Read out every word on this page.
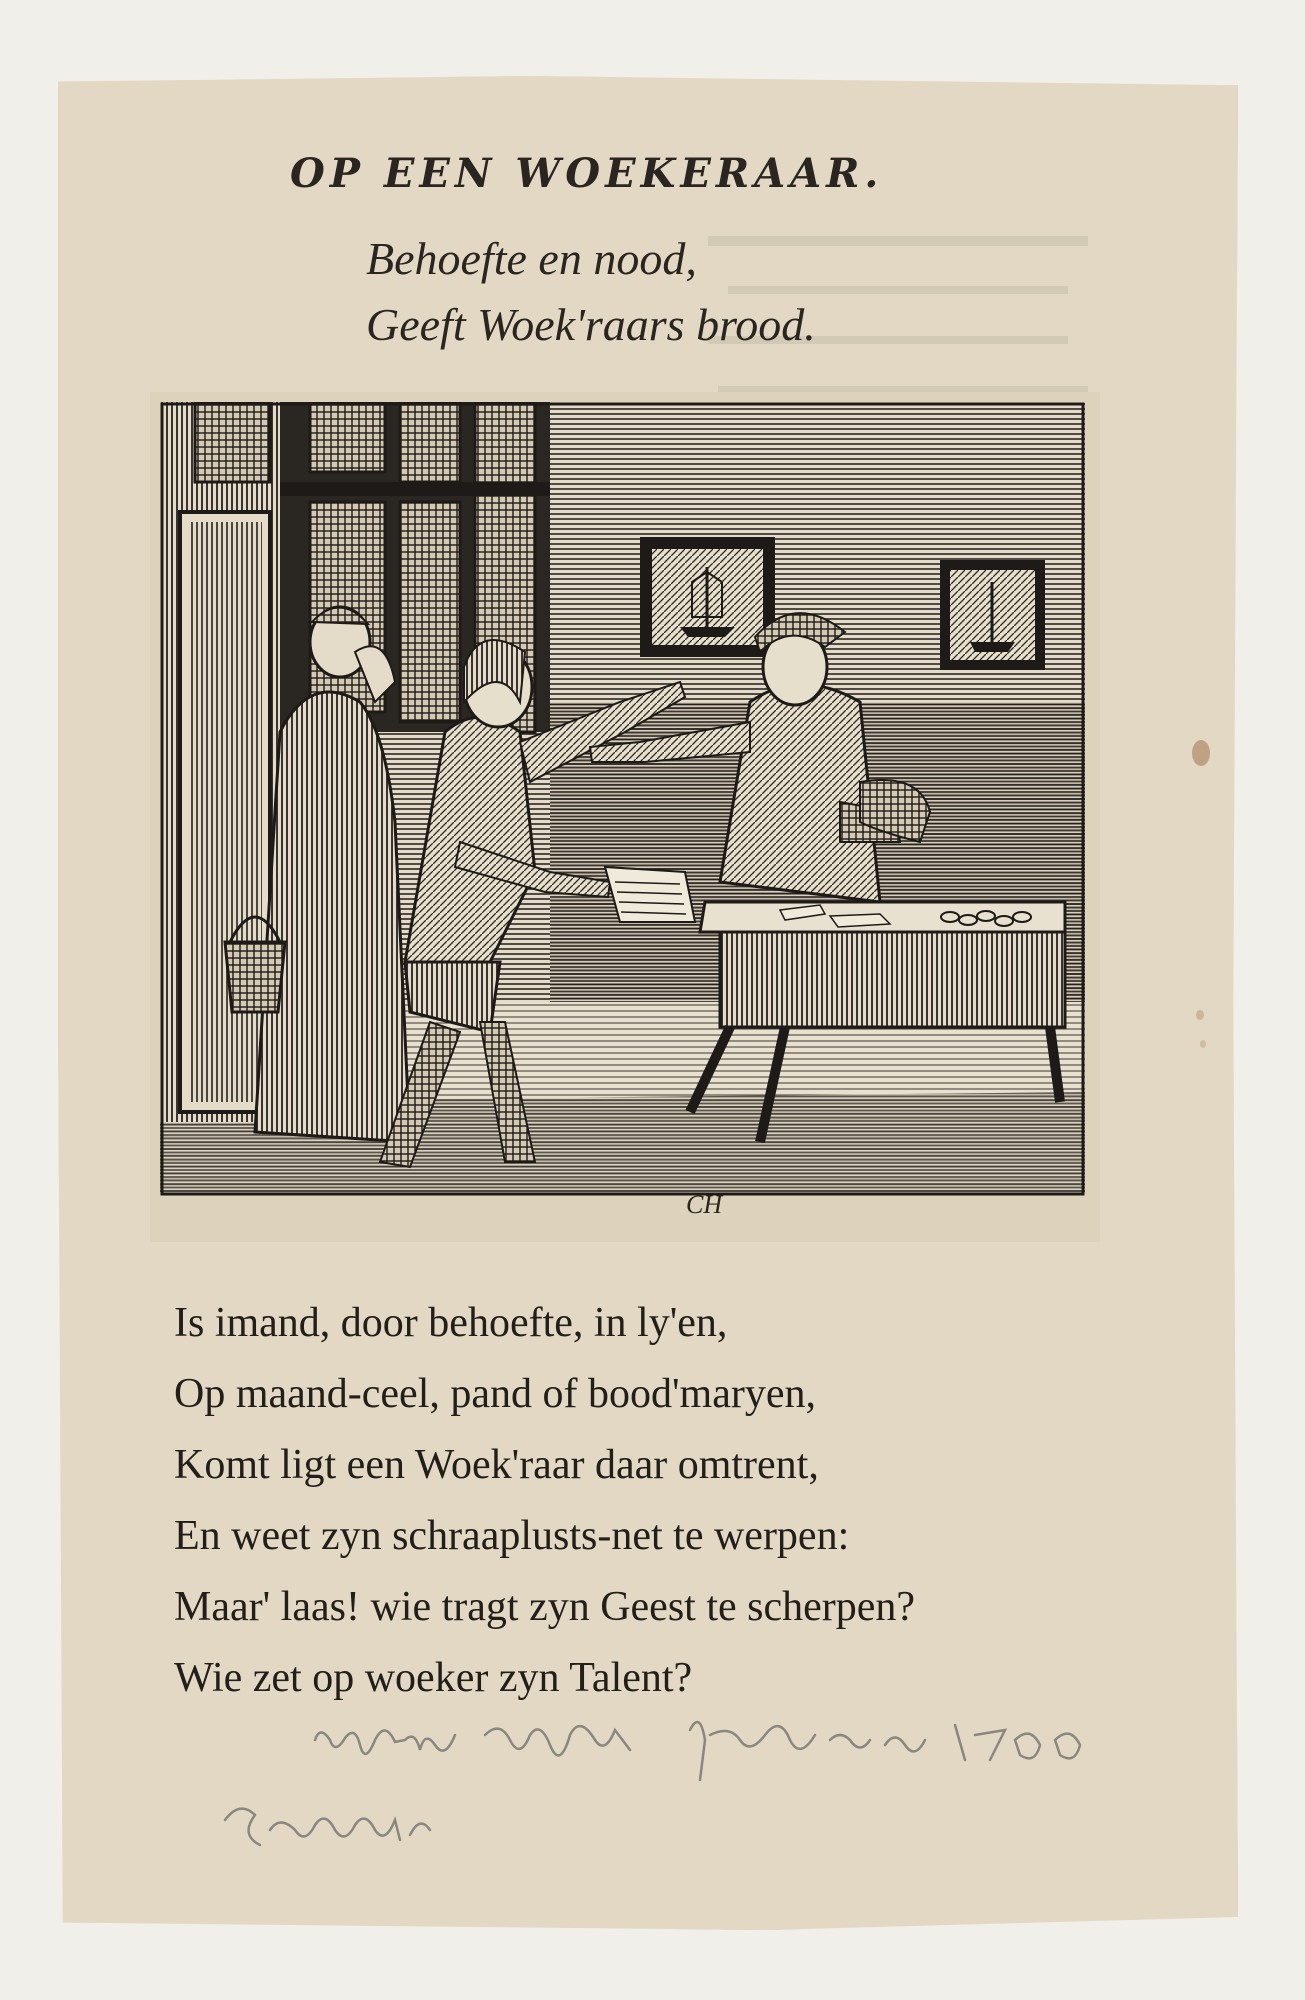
OP EEN WOEKERAAR.
Behoefte en nood,
Geeft Woek'raars brood.
CH
Is imand, door behoefte, in ly'en,
Op maand-ceel, pand of bood'maryen,
Komt ligt een Woek'raar daar omtrent,
En weet zyn schraaplusts-net te werpen:
Maar' laas! wie tragt zyn Geest te scherpen?
Wie zet op woeker zyn Talent?
